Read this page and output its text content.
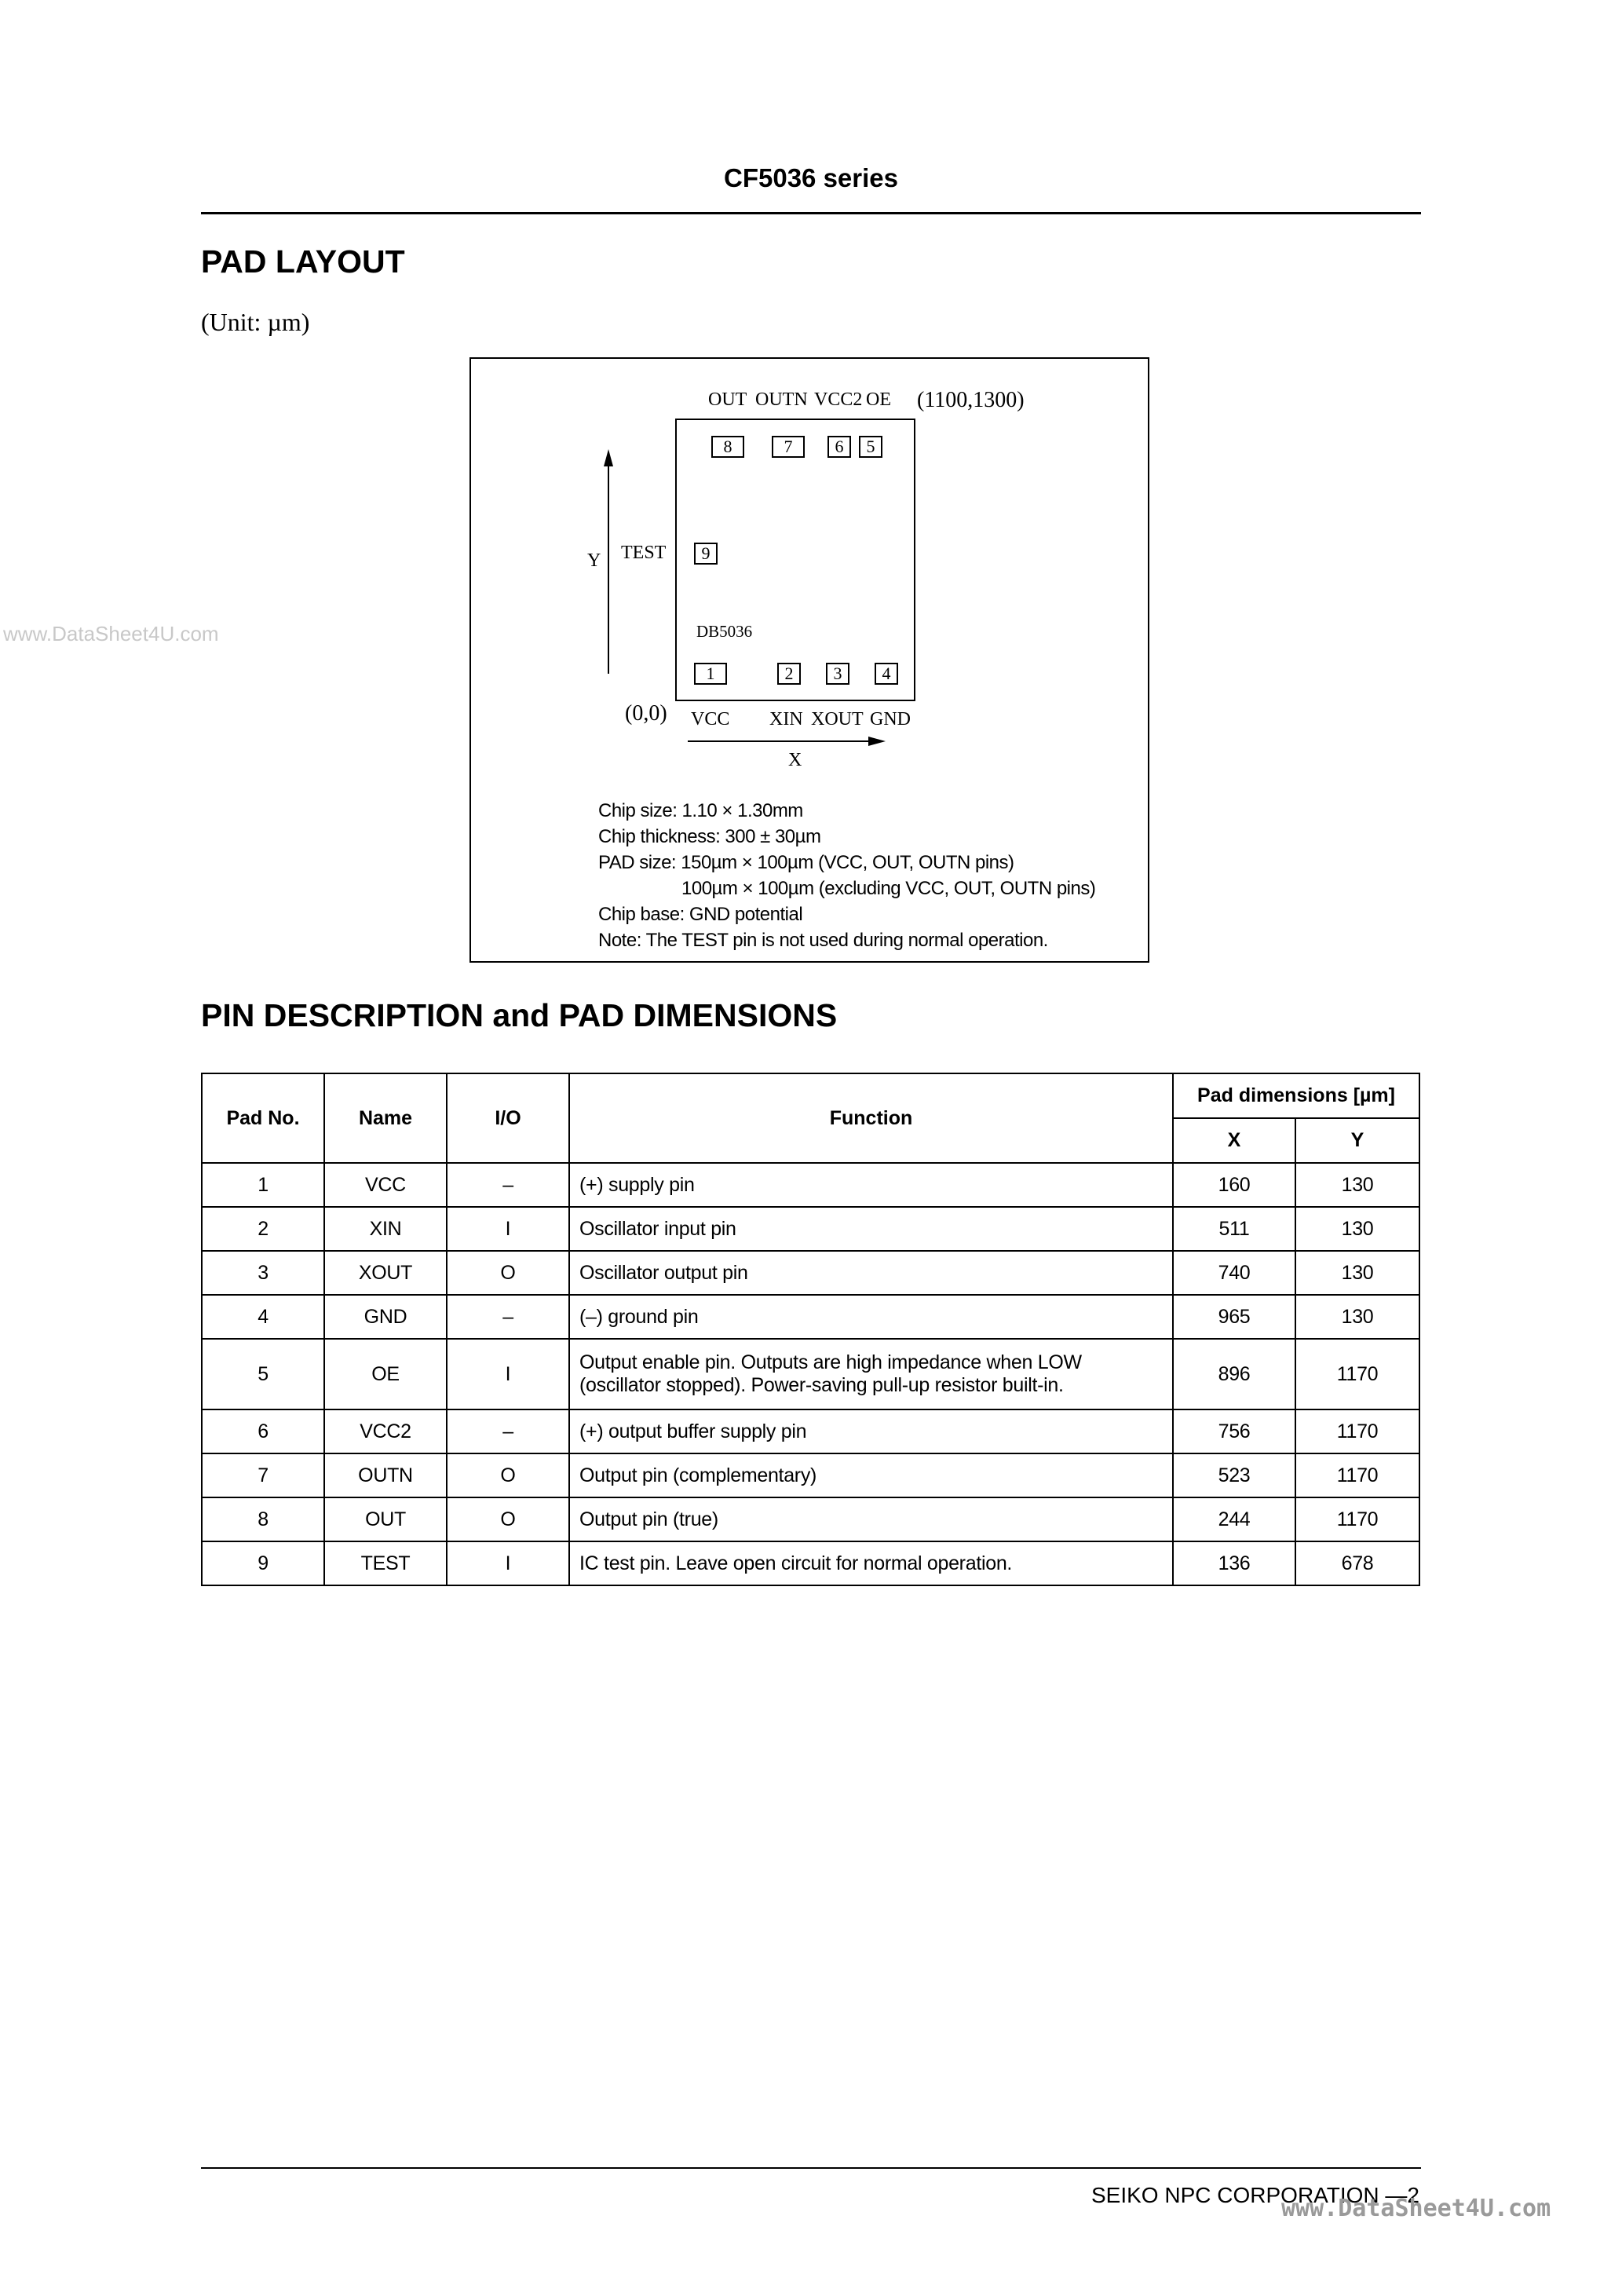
CF5036 series
PAD LAYOUT
(Unit: µm)
www.DataSheet4U.com
OUT OUTN VCC2 OE (1100,1300)
8	7	6	5
TEST	9
DB5036
1	2	3	4
(0,0) VCC XIN XOUT GND
Y
X
Chip size: 1.10 × 1.30mm
Chip thickness: 300 ± 30µm
PAD size: 150µm × 100µm (VCC, OUT, OUTN pins)
100µm × 100µm (excluding VCC, OUT, OUTN pins)
Chip base: GND potential
Note: The TEST pin is not used during normal operation.
PIN DESCRIPTION and PAD DIMENSIONS
Pad No.	Name	I/O	Function	Pad dimensions [µm]	
				X	Y
1	VCC	–	(+) supply pin	160	130
2	XIN	I	Oscillator input pin	511	130
3	XOUT	O	Oscillator output pin	740	130
4	GND	–	(–) ground pin	965	130
5	OE	I	Output enable pin. Outputs are high impedance when LOW (oscillator stopped). Power-saving pull-up resistor built-in.	896	1170
6	VCC2	–	(+) output buffer supply pin	756	1170
7	OUTN	O	Output pin (complementary)	523	1170
8	OUT	O	Output pin (true)	244	1170
9	TEST	I	IC test pin. Leave open circuit for normal operation.	136	678
SEIKO NPC CORPORATION —2
www.DataSheet4U.com
